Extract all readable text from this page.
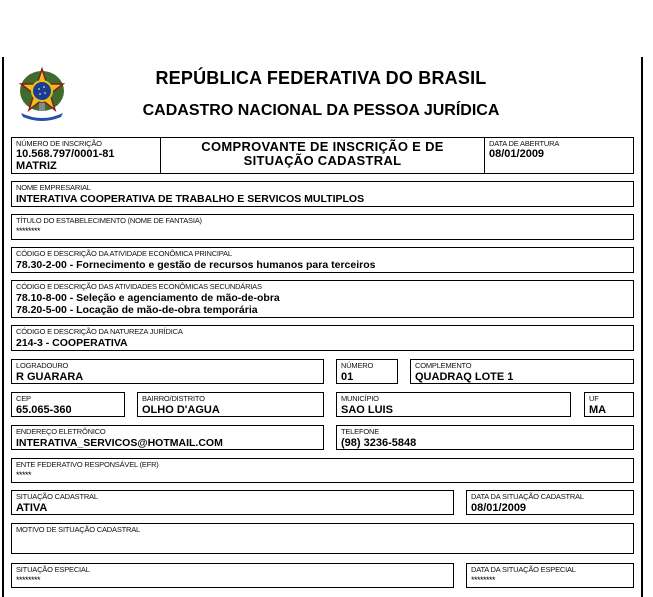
REPÚBLICA FEDERATIVA DO BRASIL
CADASTRO NACIONAL DA PESSOA JURÍDICA
NÚMERO DE INSCRIÇÃO
10.568.797/0001-81
MATRIZ
COMPROVANTE DE INSCRIÇÃO E DE
SITUAÇÃO CADASTRAL
DATA DE ABERTURA
08/01/2009
NOME EMPRESARIAL
INTERATIVA COOPERATIVA DE TRABALHO E SERVICOS MULTIPLOS
TÍTULO DO ESTABELECIMENTO (NOME DE FANTASIA)
********
CÓDIGO E DESCRIÇÃO DA ATIVIDADE ECONÔMICA PRINCIPAL
78.30-2-00 - Fornecimento e gestão de recursos humanos para terceiros
CÓDIGO E DESCRIÇÃO DAS ATIVIDADES ECONÔMICAS SECUNDÁRIAS
78.10-8-00 - Seleção e agenciamento de mão-de-obra
78.20-5-00 - Locação de mão-de-obra temporária
CÓDIGO E DESCRIÇÃO DA NATUREZA JURÍDICA
214-3 - COOPERATIVA
LOGRADOURO
R GUARARA
NÚMERO
01
COMPLEMENTO
QUADRAQ LOTE 1
CEP
65.065-360
BAIRRO/DISTRITO
OLHO D'AGUA
MUNICÍPIO
SAO LUIS
UF
MA
ENDEREÇO ELETRÔNICO
INTERATIVA_SERVICOS@HOTMAIL.COM
TELEFONE
(98) 3236-5848
ENTE FEDERATIVO RESPONSÁVEL (EFR)
*****
SITUAÇÃO CADASTRAL
ATIVA
DATA DA SITUAÇÃO CADASTRAL
08/01/2009
MOTIVO DE SITUAÇÃO CADASTRAL
SITUAÇÃO ESPECIAL
********
DATA DA SITUAÇÃO ESPECIAL
********
